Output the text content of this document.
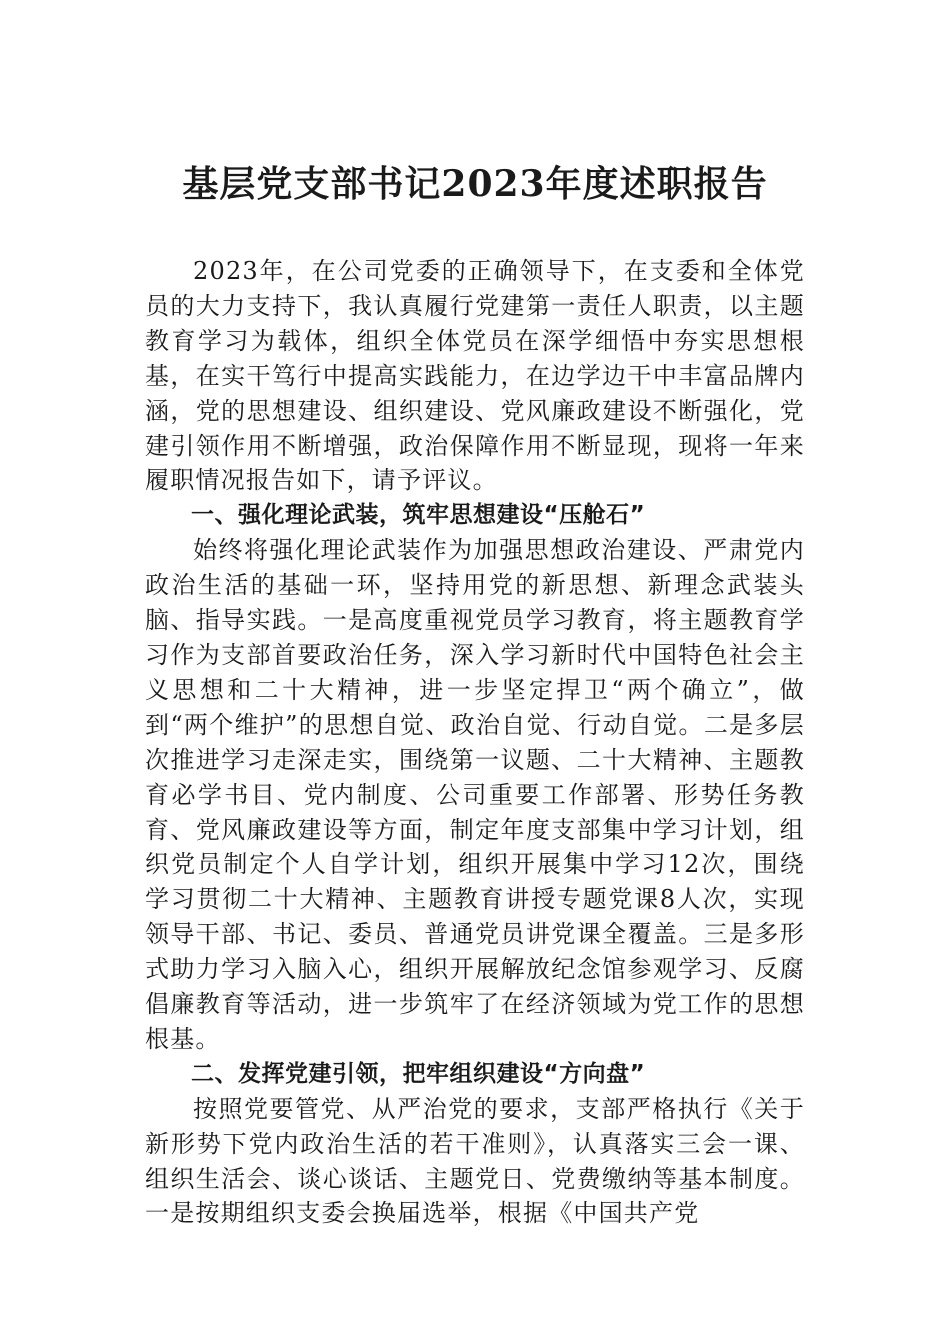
基层党支部书记2023年度述职报告

2023年，在公司党委的正确领导下，在支委和全体党员的大力支持下，我认真履行党建第一责任人职责，以主题教育学习为载体，组织全体党员在深学细悟中夯实思想根基，在实干笃行中提高实践能力，在边学边干中丰富品牌内涵，党的思想建设、组织建设、党风廉政建设不断强化，党建引领作用不断增强，政治保障作用不断显现，现将一年来履职情况报告如下，请予评议。

一、强化理论武装，筑牢思想建设“压舱石”

始终将强化理论武装作为加强思想政治建设、严肃党内政治生活的基础一环，坚持用党的新思想、新理念武装头脑、指导实践。一是高度重视党员学习教育，将主题教育学习作为支部首要政治任务，深入学习新时代中国特色社会主义思想和二十大精神，进一步坚定捍卫“两个确立”，做到“两个维护”的思想自觉、政治自觉、行动自觉。二是多层次推进学习走深走实，围绕第一议题、二十大精神、主题教育必学书目、党内制度、公司重要工作部署、形势任务教育、党风廉政建设等方面，制定年度支部集中学习计划，组织党员制定个人自学计划，组织开展集中学习12次，围绕学习贯彻二十大精神、主题教育讲授专题党课8人次，实现领导干部、书记、委员、普通党员讲党课全覆盖。三是多形式助力学习入脑入心，组织开展解放纪念馆参观学习、反腐倡廉教育等活动，进一步筑牢了在经济领域为党工作的思想根基。

二、发挥党建引领，把牢组织建设“方向盘”

按照党要管党、从严治党的要求，支部严格执行《关于新形势下党内政治生活的若干准则》，认真落实三会一课、组织生活会、谈心谈话、主题党日、党费缴纳等基本制度。一是按期组织支委会换届选举，根据《中国共产党
